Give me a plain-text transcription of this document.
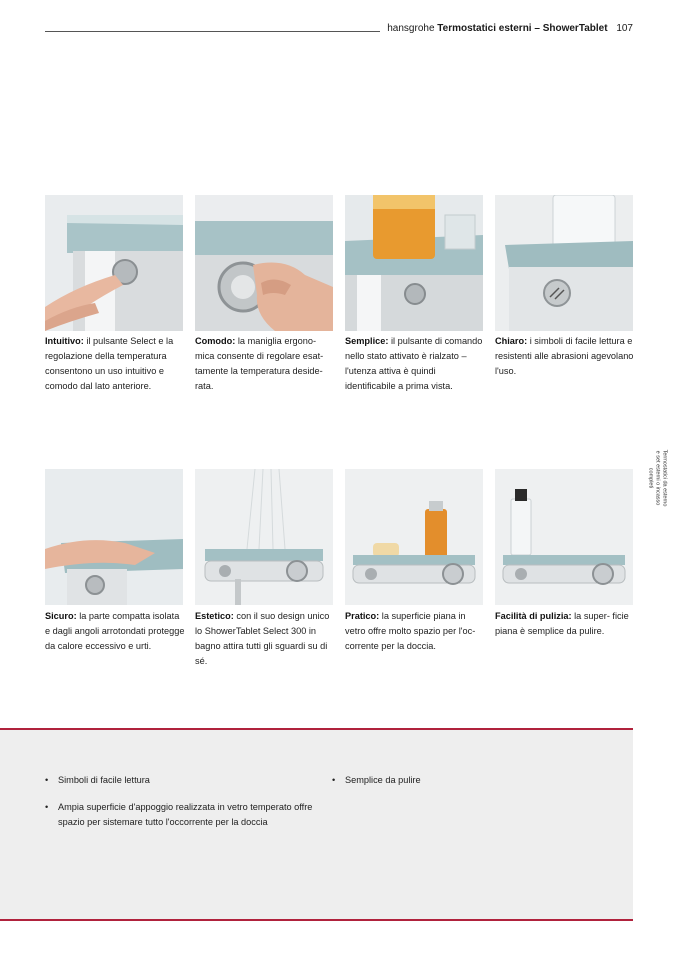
hansgrohe Termostatici esterni – ShowerTablet 107
Termostatici da esterno
e set esterni o incasso
completi
Intuitivo: il pulsante Select e la regolazione della temperatura consentono un uso intuitivo e comodo dal lato anteriore.
Comodo: la maniglia ergono- mica consente di regolare esat- tamente la temperatura deside- rata.
Semplice: il pulsante di comando nello stato attivato è rialzato – l'utenza attiva è quindi identificabile a prima vista.
Chiaro: i simboli di facile lettura e resistenti alle abrasioni agevolano l'uso.
Sicuro: la parte compatta isolata e dagli angoli arrotondati protegge da calore eccessivo e urti.
Estetico: con il suo design unico lo ShowerTablet Select 300 in bagno attira tutti gli sguardi su di sé.
Pratico: la superficie piana in vetro offre molto spazio per l'oc- corrente per la doccia.
Facilità di pulizia: la super- ficie piana è semplice da pulire.
• Simboli di facile lettura
• Ampia superficie d'appoggio realizzata in vetro temperato offre spazio per sistemare tutto l'occorrente per la doccia
• Semplice da pulire
